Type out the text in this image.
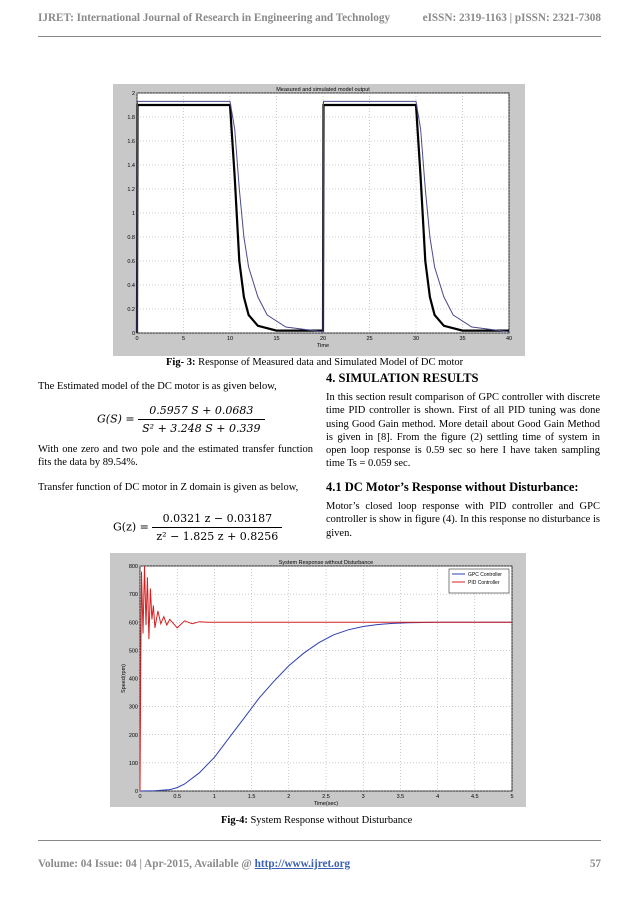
IJRET: International Journal of Research in Engineering and Technology	eISSN: 2319-1163 | pISSN: 2321-7308
0	5	10	15	20	25	30	35	40
0
0.2
0.4
0.6
0.8
1
1.2
1.4
1.6
1.8
2
Measured and simulated model output
Time
Fig- 3: Response of Measured data and Simulated Model of DC motor
The Estimated model of the DC motor is as given below,
$G(S) = \frac{0.5957 S + 0.0683}{\text{S² + 3.248 S + 0.339}}$
With one zero and two pole and the estimated transfer function fits the data by 89.54%.
Transfer function of DC motor in Z domain is given as below,
$G(z) = \frac{0.0321 z - 0.03187}{\text{z² − 1.825 z + 0.8256}}$
4. SIMULATION RESULTS
In this section result comparison of GPC controller with discrete time PID controller is shown. First of all PID tuning was done using Good Gain method. More detail about Good Gain Method is given in [8]. From the figure (2) settling time of system in open loop response is 0.59 sec so here I have taken sampling time Ts = 0.059 sec.
4.1 DC Motor’s Response without Disturbance:
Motor’s closed loop response with PID controller and GPC controller is show in figure (4). In this response no disturbance is given.
0	0.5	1	1.5	2	2.5	3	3.5	4	4.5	5
0
100
200
300
400
500
600
700
800
System Response without Disturbance
Time(sec)
Speed(rpm)
GPC Controller
PID Controller
Fig-4: System Response without Disturbance
Volume: 04 Issue: 04 | Apr-2015, Available @ http://www.ijret.org	57
